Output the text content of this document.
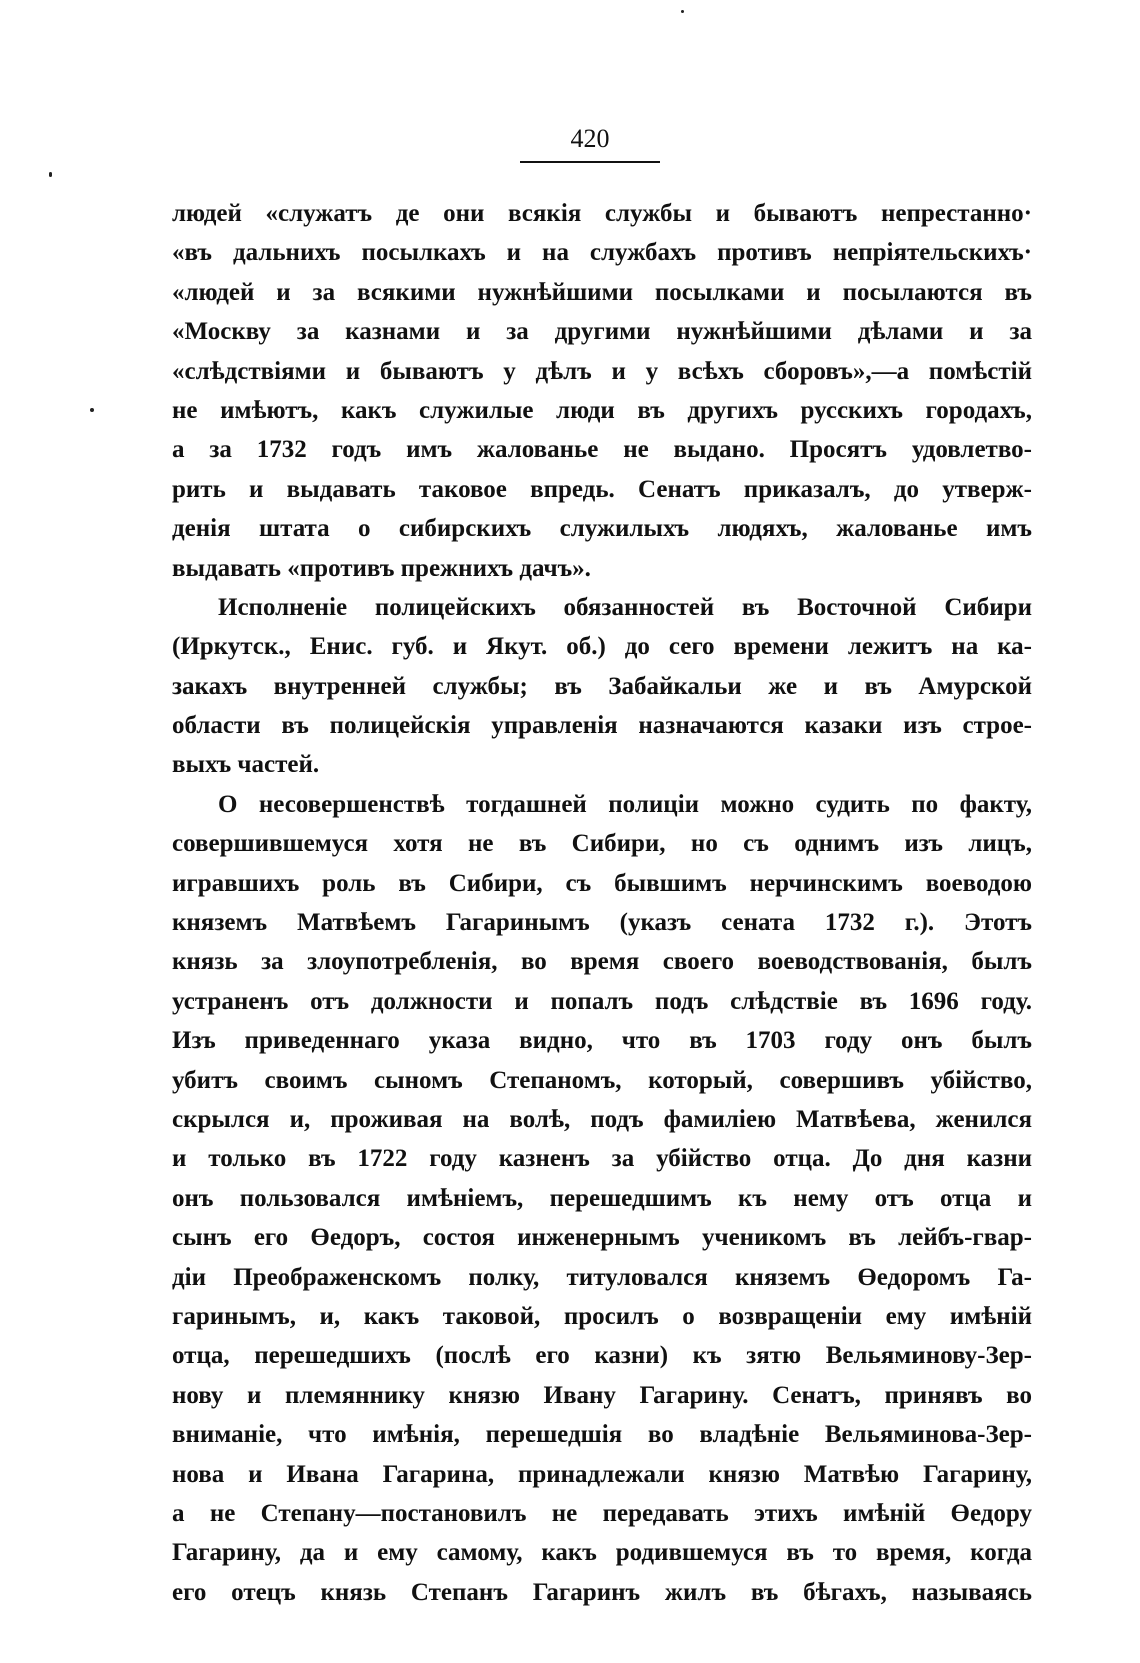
420
людей «служатъ де они всякія службы и бываютъ непрестанно·
«въ дальнихъ посылкахъ и на службахъ противъ непріятельскихъ·
«людей и за всякими нужнѣйшими посылками и посылаются въ
«Москву за казнами и за другими нужнѣйшими дѣлами и за
«слѣдствіями и бываютъ у дѣлъ и у всѣхъ сборовъ»,—а помѣстій
не имѣютъ, какъ служилые люди въ другихъ русскихъ городахъ,
а за 1732 годъ имъ жалованье не выдано. Просятъ удовлетво-
рить и выдавать таковое впредь. Сенатъ приказалъ, до утверж-
денія штата о сибирскихъ служилыхъ людяхъ, жалованье имъ
выдавать «противъ прежнихъ дачъ».
Исполненіе полицейскихъ обязанностей въ Восточной Сибири
(Иркутск., Енис. губ. и Якут. об.) до сего времени лежитъ на ка-
закахъ внутренней службы; въ Забайкальи же и въ Амурской
области въ полицейскія управленія назначаются казаки изъ строе-
выхъ частей.
О несовершенствѣ тогдашней полиціи можно судить по факту,
совершившемуся хотя не въ Сибири, но съ однимъ изъ лицъ,
игравшихъ роль въ Сибири, съ бывшимъ нерчинскимъ воеводою
княземъ Матвѣемъ Гагаринымъ (указъ сената 1732 г.). Этотъ
князь за злоупотребленія, во время своего воеводствованія, былъ
устраненъ отъ должности и попалъ подъ слѣдствіе въ 1696 году.
Изъ приведеннаго указа видно, что въ 1703 году онъ былъ
убитъ своимъ сыномъ Степаномъ, который, совершивъ убійство,
скрылся и, проживая на волѣ, подъ фамиліею Матвѣева, женился
и только въ 1722 году казненъ за убійство отца. До дня казни
онъ пользовался имѣніемъ, перешедшимъ къ нему отъ отца и
сынъ его Өедоръ, состоя инженернымъ ученикомъ въ лейбъ-гвар-
діи Преображенскомъ полку, титуловался княземъ Өедоромъ Га-
гаринымъ, и, какъ таковой, просилъ о возвращеніи ему имѣній
отца, перешедшихъ (послѣ его казни) къ зятю Вельяминову-Зер-
нову и племяннику князю Ивану Гагарину. Сенатъ, принявъ во
вниманіе, что имѣнія, перешедшія во владѣніе Вельяминова-Зер-
нова и Ивана Гагарина, принадлежали князю Матвѣю Гагарину,
а не Степану—постановилъ не передавать этихъ имѣній Өедору
Гагарину, да и ему самому, какъ родившемуся въ то время, когда
его отецъ князь Степанъ Гагаринъ жилъ въ бѣгахъ, называясь
